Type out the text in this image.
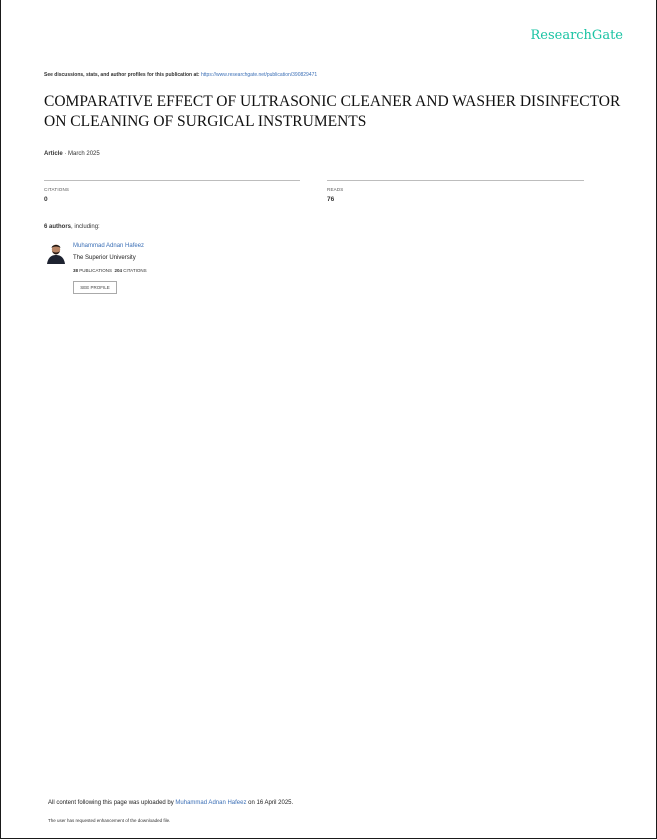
ResearchGate
See discussions, stats, and author profiles for this publication at: https://www.researchgate.net/publication/390829471
COMPARATIVE EFFECT OF ULTRASONIC CLEANER AND WASHER DISINFECTOR ON CLEANING OF SURGICAL INSTRUMENTS
Article · March 2025
CITATIONS
0
READS
76
6 authors, including:
Muhammad Adnan Hafeez
The Superior University
38 PUBLICATIONS 204 CITATIONS
SEE PROFILE
All content following this page was uploaded by Muhammad Adnan Hafeez on 16 April 2025.
The user has requested enhancement of the downloaded file.
